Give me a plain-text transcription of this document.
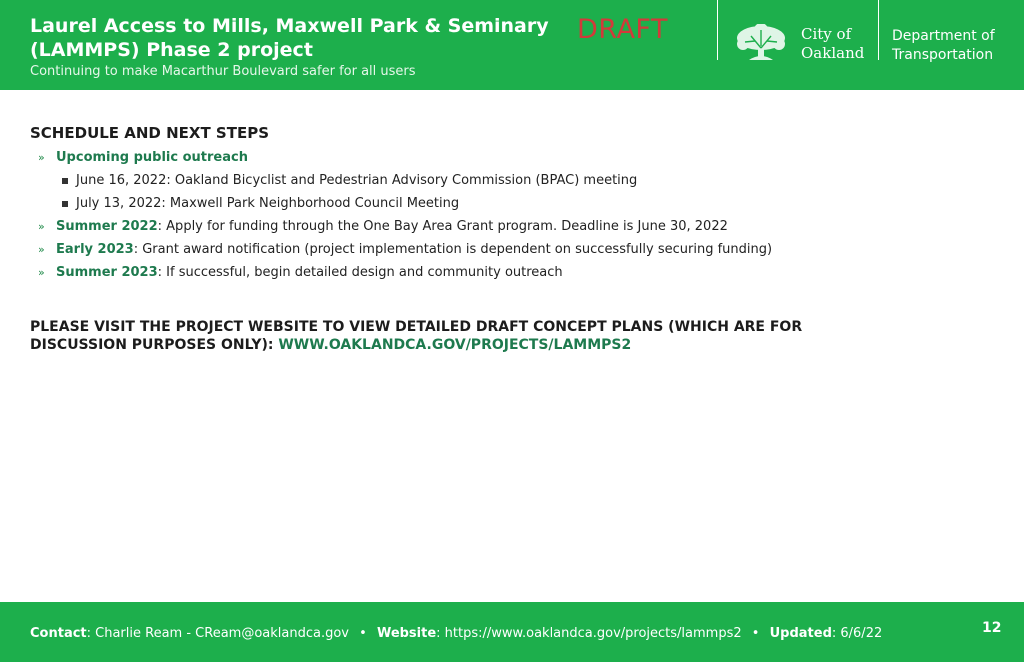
Laurel Access to Mills, Maxwell Park & Seminary (LAMMPS) Phase 2 project
Continuing to make Macarthur Boulevard safer for all users
DRAFT	City of
Oakland
Department of
Transportation
SCHEDULE AND NEXT STEPS
» Upcoming public outreach
June 16, 2022: Oakland Bicyclist and Pedestrian Advisory Commission (BPAC) meeting
July 13, 2022: Maxwell Park Neighborhood Council Meeting
» Summer 2022: Apply for funding through the One Bay Area Grant program. Deadline is June 30, 2022
» Early 2023: Grant award notification (project implementation is dependent on successfully securing funding)
» Summer 2023: If successful, begin detailed design and community outreach
PLEASE VISIT THE PROJECT WEBSITE TO VIEW DETAILED DRAFT CONCEPT PLANS (WHICH ARE FOR DISCUSSION PURPOSES ONLY): WWW.OAKLANDCA.GOV/PROJECTS/LAMMPS2
Contact: Charlie Ream - CReam@oaklandca.gov • Website: https://www.oaklandca.gov/projects/lammps2 • Updated: 6/6/22	12
